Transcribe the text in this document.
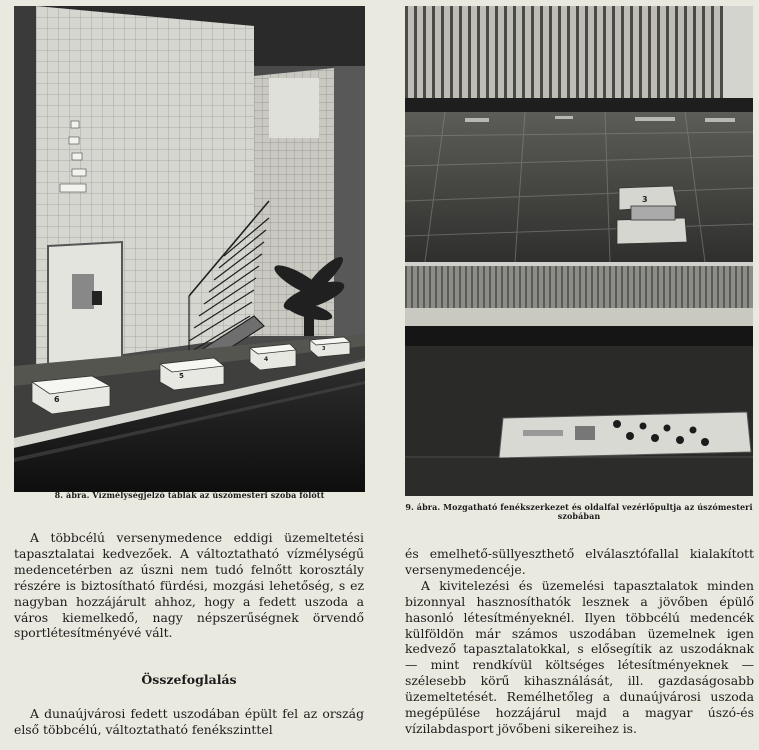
6
5
4
3
8. ábra. Vízmélységjelző táblák az úszómesteri szoba fölött
3
9. ábra. Mozgatható fenékszerkezet és oldalfal vezérlőpultja az úszómesteri szobában

A többcélú versenymedence eddigi üzemeltetési tapasztalatai kedvezőek. A változtatható vízmélységű medencetérben az úszni nem tudó felnőtt korosztály részére is biztosítható fürdési, mozgási lehetőség, s ez nagyban hozzájárult ahhoz, hogy a fedett uszoda a város kiemelkedő, nagy népszerűségnek örvendő sportlétesítményévé vált.

Összefoglalás

A dunaújvárosi fedett uszodában épült fel az ország első többcélú, változtatható fenékszinttel

és emelhető-süllyeszthető elválasztófallal kialakított versenymedencéje.

A kivitelezési és üzemelési tapasztalatok minden bizonnyal hasznosíthatók lesznek a jövőben épülő hasonló létesítményeknél. Ilyen többcélú medencék külföldön már számos uszodában üzemelnek igen kedvező tapasztalatokkal, s elősegítik az uszodáknak — mint rendkívül költséges létesítményeknek — szélesebb körű kihasználását, ill. gazdaságosabb üzemeltetését. Remélhetőleg a dunaújvárosi uszoda megépülése hozzájárul majd a magyar úszó-és vízilabdasport jövőbeni sikereihez is.
